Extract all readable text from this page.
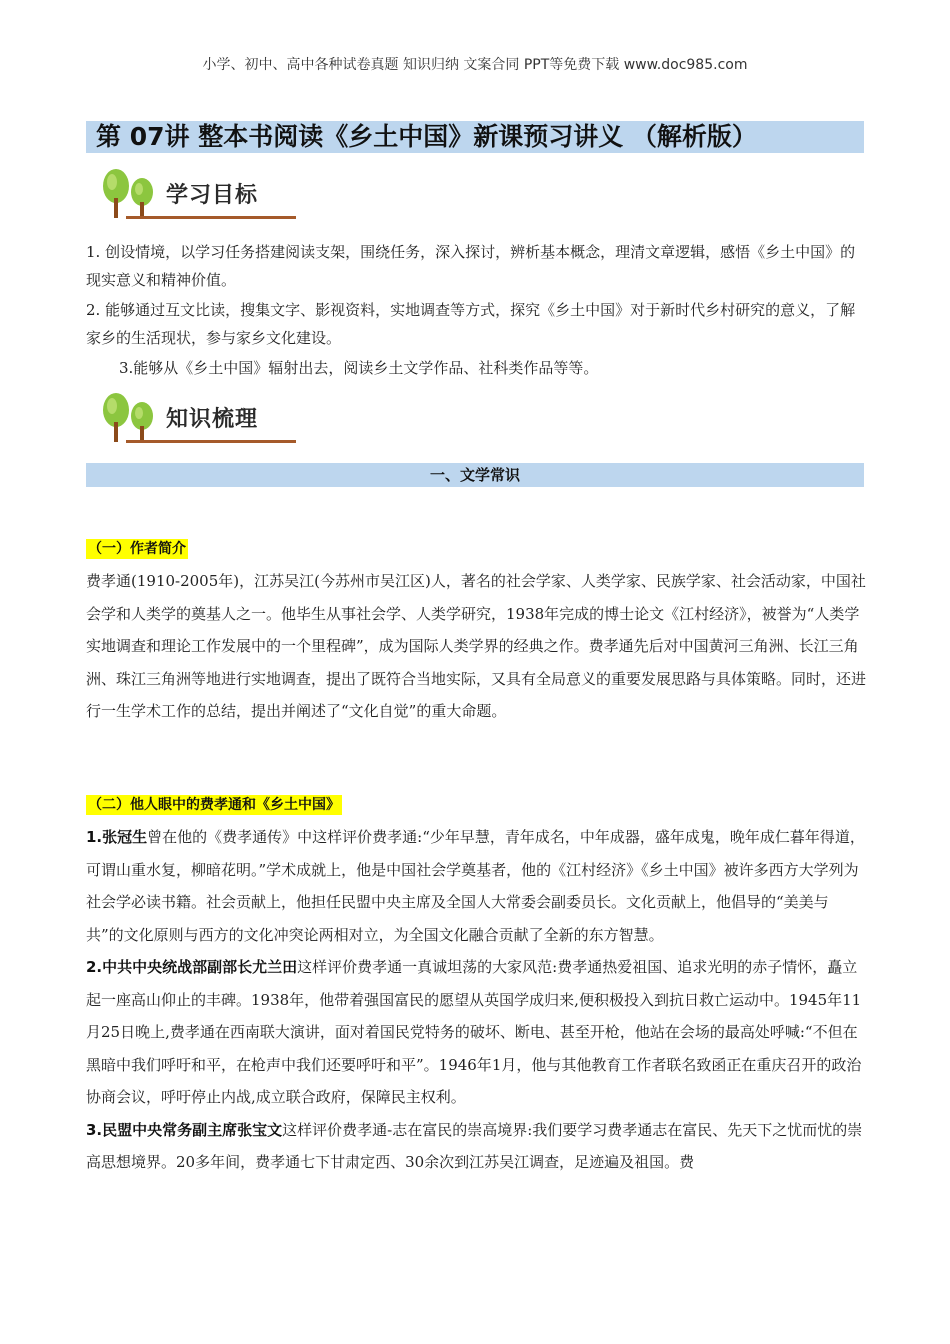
小学、初中、高中各种试卷真题 知识归纳 文案合同 PPT等免费下载 www.doc985.com
第 07讲 整本书阅读《乡土中国》新课预习讲义 （解析版）
学习目标
1. 创设情境，以学习任务搭建阅读支架，围绕任务，深入探讨，辨析基本概念，理清文章逻辑，感悟《乡土中国》的现实意义和精神价值。
2. 能够通过互文比读，搜集文字、影视资料，实地调查等方式，探究《乡土中国》对于新时代乡村研究的意义，了解家乡的生活现状，参与家乡文化建设。
3.能够从《乡土中国》辐射出去，阅读乡土文学作品、社科类作品等等。
知识梳理
一、文学常识
（一）作者简介
费孝通(1910-2005年)，江苏吴江(今苏州市吴江区)人，著名的社会学家、人类学家、民族学家、社会活动家，中国社会学和人类学的奠基人之一。他毕生从事社会学、人类学研究，1938年完成的博士论文《江村经济》，被誉为“人类学实地调查和理论工作发展中的一个里程碑”，成为国际人类学界的经典之作。费孝通先后对中国黄河三角洲、长江三角洲、珠江三角洲等地进行实地调查，提出了既符合当地实际，又具有全局意义的重要发展思路与具体策略。同时，还进行一生学术工作的总结，提出并阐述了“文化自觉”的重大命题。
（二）他人眼中的费孝通和《乡土中国》
1.张冠生曾在他的《费孝通传》中这样评价费孝通:“少年早慧，青年成名，中年成器，盛年成鬼，晚年成仁暮年得道，可谓山重水复，柳暗花明。”学术成就上，他是中国社会学奠基者，他的《江村经济》《乡土中国》被许多西方大学列为社会学必读书籍。社会贡献上，他担任民盟中央主席及全国人大常委会副委员长。文化贡献上，他倡导的“美美与共”的文化原则与西方的文化冲突论两相对立，为全国文化融合贡献了全新的东方智慧。
2.中共中央统战部副部长尤兰田这样评价费孝通一真诚坦荡的大家风范:费孝通热爱祖国、追求光明的赤子情怀，矗立起一座高山仰止的丰碑。1938年，他带着强国富民的愿望从英国学成归来,便积极投入到抗日救亡运动中。1945年11月25日晚上,费孝通在西南联大演讲，面对着国民党特务的破坏、断电、甚至开枪，他站在会场的最高处呼喊:“不但在黑暗中我们呼吁和平，在枪声中我们还要呼吁和平”。1946年1月，他与其他教育工作者联名致函正在重庆召开的政治协商会议，呼吁停止内战,成立联合政府，保障民主权利。
3.民盟中央常务副主席张宝文这样评价费孝通-志在富民的崇高境界:我们要学习费孝通志在富民、先天下之忧而忧的崇高思想境界。20多年间，费孝通七下甘肃定西、30余次到江苏吴江调查，足迹遍及祖国。费
